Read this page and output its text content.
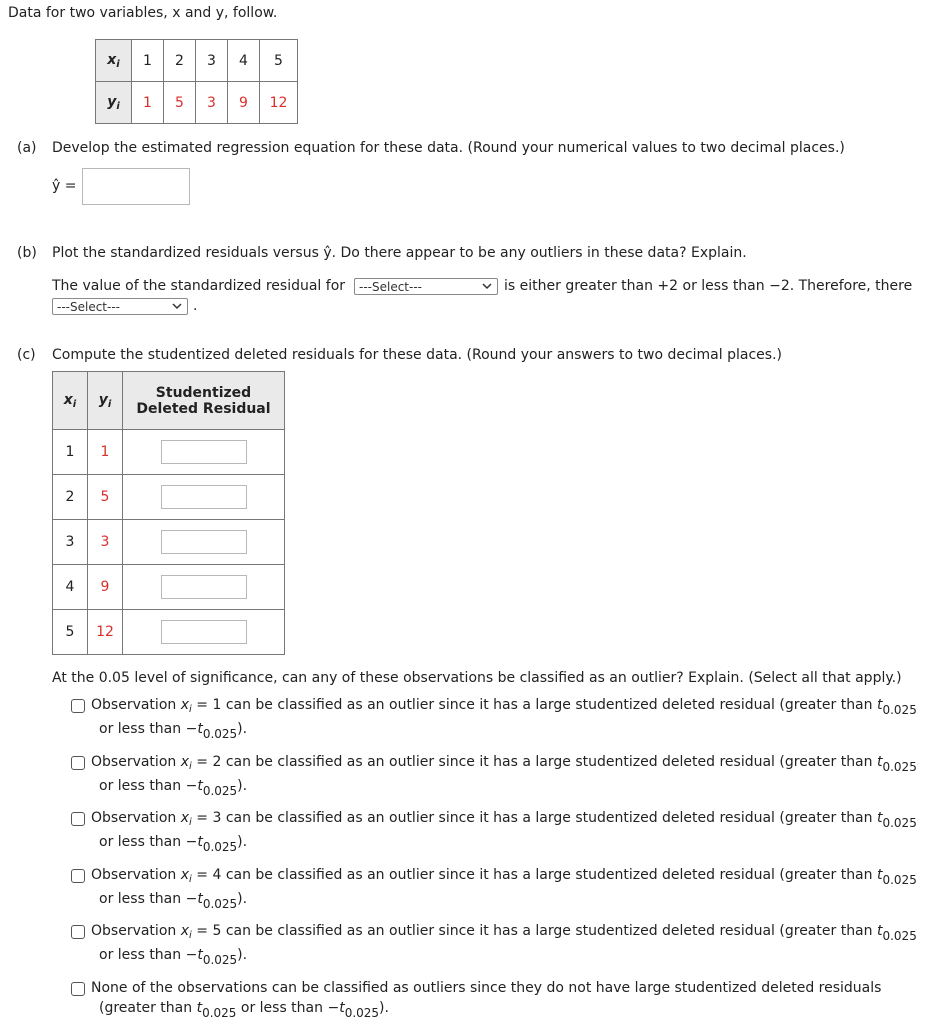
Data for two variables, x and y, follow.
$x_i$	1	2	3	4	5
$y_i$	1	5	3	9	12
(a) Develop the estimated regression equation for these data. (Round your numerical values to two decimal places.)
ŷ =
(b) Plot the standardized residuals versus ŷ. Do there appear to be any outliers in these data? Explain.
The value of the standardized residual for ---Select---	is either greater than +2 or less than −2. Therefore, there
---Select---	.
(c) Compute the studentized deleted residuals for these data. (Round your answers to two decimal places.)
$x_i$	$y_i$	Studentized
Deleted Residual

1	1	
2	5	
3	3	
4	9	
5	12	
At the 0.05 level of significance, can any of these observations be classified as an outlier? Explain. (Select all that apply.)
Observation $x_i = 1$ can be classified as an outlier since it has a large studentized deleted residual (greater than t0.025
or less than −t0.025).
Observation $x_i = 2$ can be classified as an outlier since it has a large studentized deleted residual (greater than t0.025
or less than −t0.025).
Observation $x_i = 3$ can be classified as an outlier since it has a large studentized deleted residual (greater than t0.025
or less than −t0.025).
Observation $x_i = 4$ can be classified as an outlier since it has a large studentized deleted residual (greater than t0.025
or less than −t0.025).
Observation $x_i = 5$ can be classified as an outlier since it has a large studentized deleted residual (greater than t0.025
or less than −t0.025).
None of the observations can be classified as outliers since they do not have large studentized deleted residuals
(greater than t0.025 or less than −t0.025).
